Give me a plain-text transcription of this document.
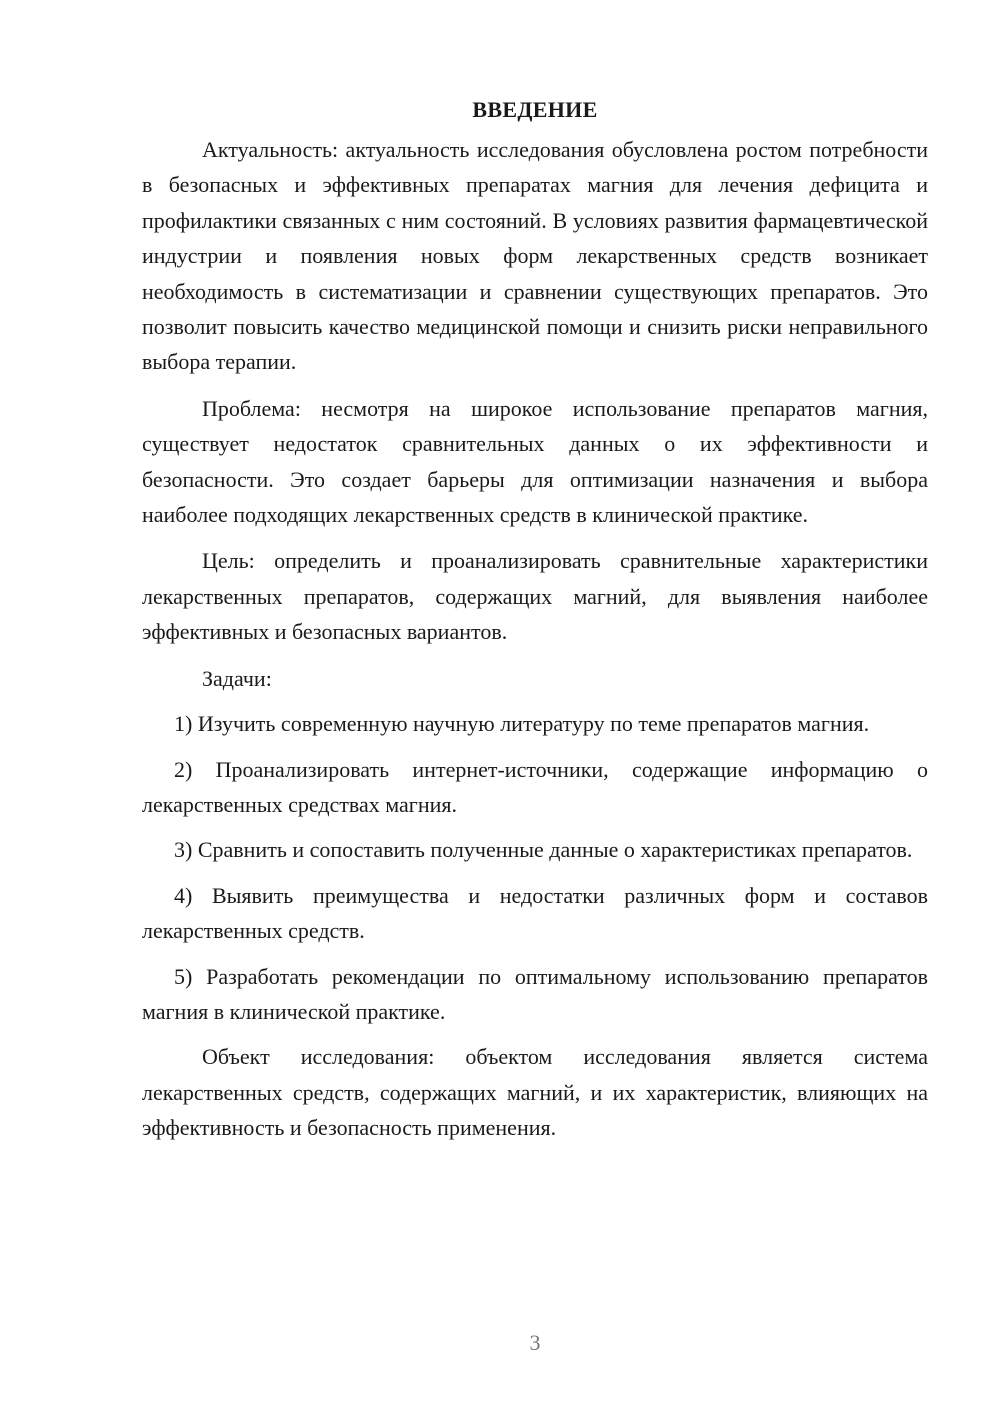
ВВЕДЕНИЕ

Актуальность: актуальность исследования обусловлена ростом потребности в безопасных и эффективных препаратах магния для лечения дефицита и профилактики связанных с ним состояний. В условиях развития фармацевтической индустрии и появления новых форм лекарственных средств возникает необходимость в систематизации и сравнении существующих препаратов. Это позволит повысить качество медицинской помощи и снизить риски неправильного выбора терапии.

Проблема: несмотря на широкое использование препаратов магния, существует недостаток сравнительных данных о их эффективности и безопасности. Это создает барьеры для оптимизации назначения и выбора наиболее подходящих лекарственных средств в клинической практике.

Цель: определить и проанализировать сравнительные характеристики лекарственных препаратов, содержащих магний, для выявления наиболее эффективных и безопасных вариантов.

Задачи:

1) Изучить современную научную литературу по теме препаратов магния.

2) Проанализировать интернет-источники, содержащие информацию о лекарственных средствах магния.

3) Сравнить и сопоставить полученные данные о характеристиках препаратов.

4) Выявить преимущества и недостатки различных форм и составов лекарственных средств.

5) Разработать рекомендации по оптимальному использованию препаратов магния в клинической практике.

Объект исследования: объектом исследования является система лекарственных средств, содержащих магний, и их характеристик, влияющих на эффективность и безопасность применения.

3
